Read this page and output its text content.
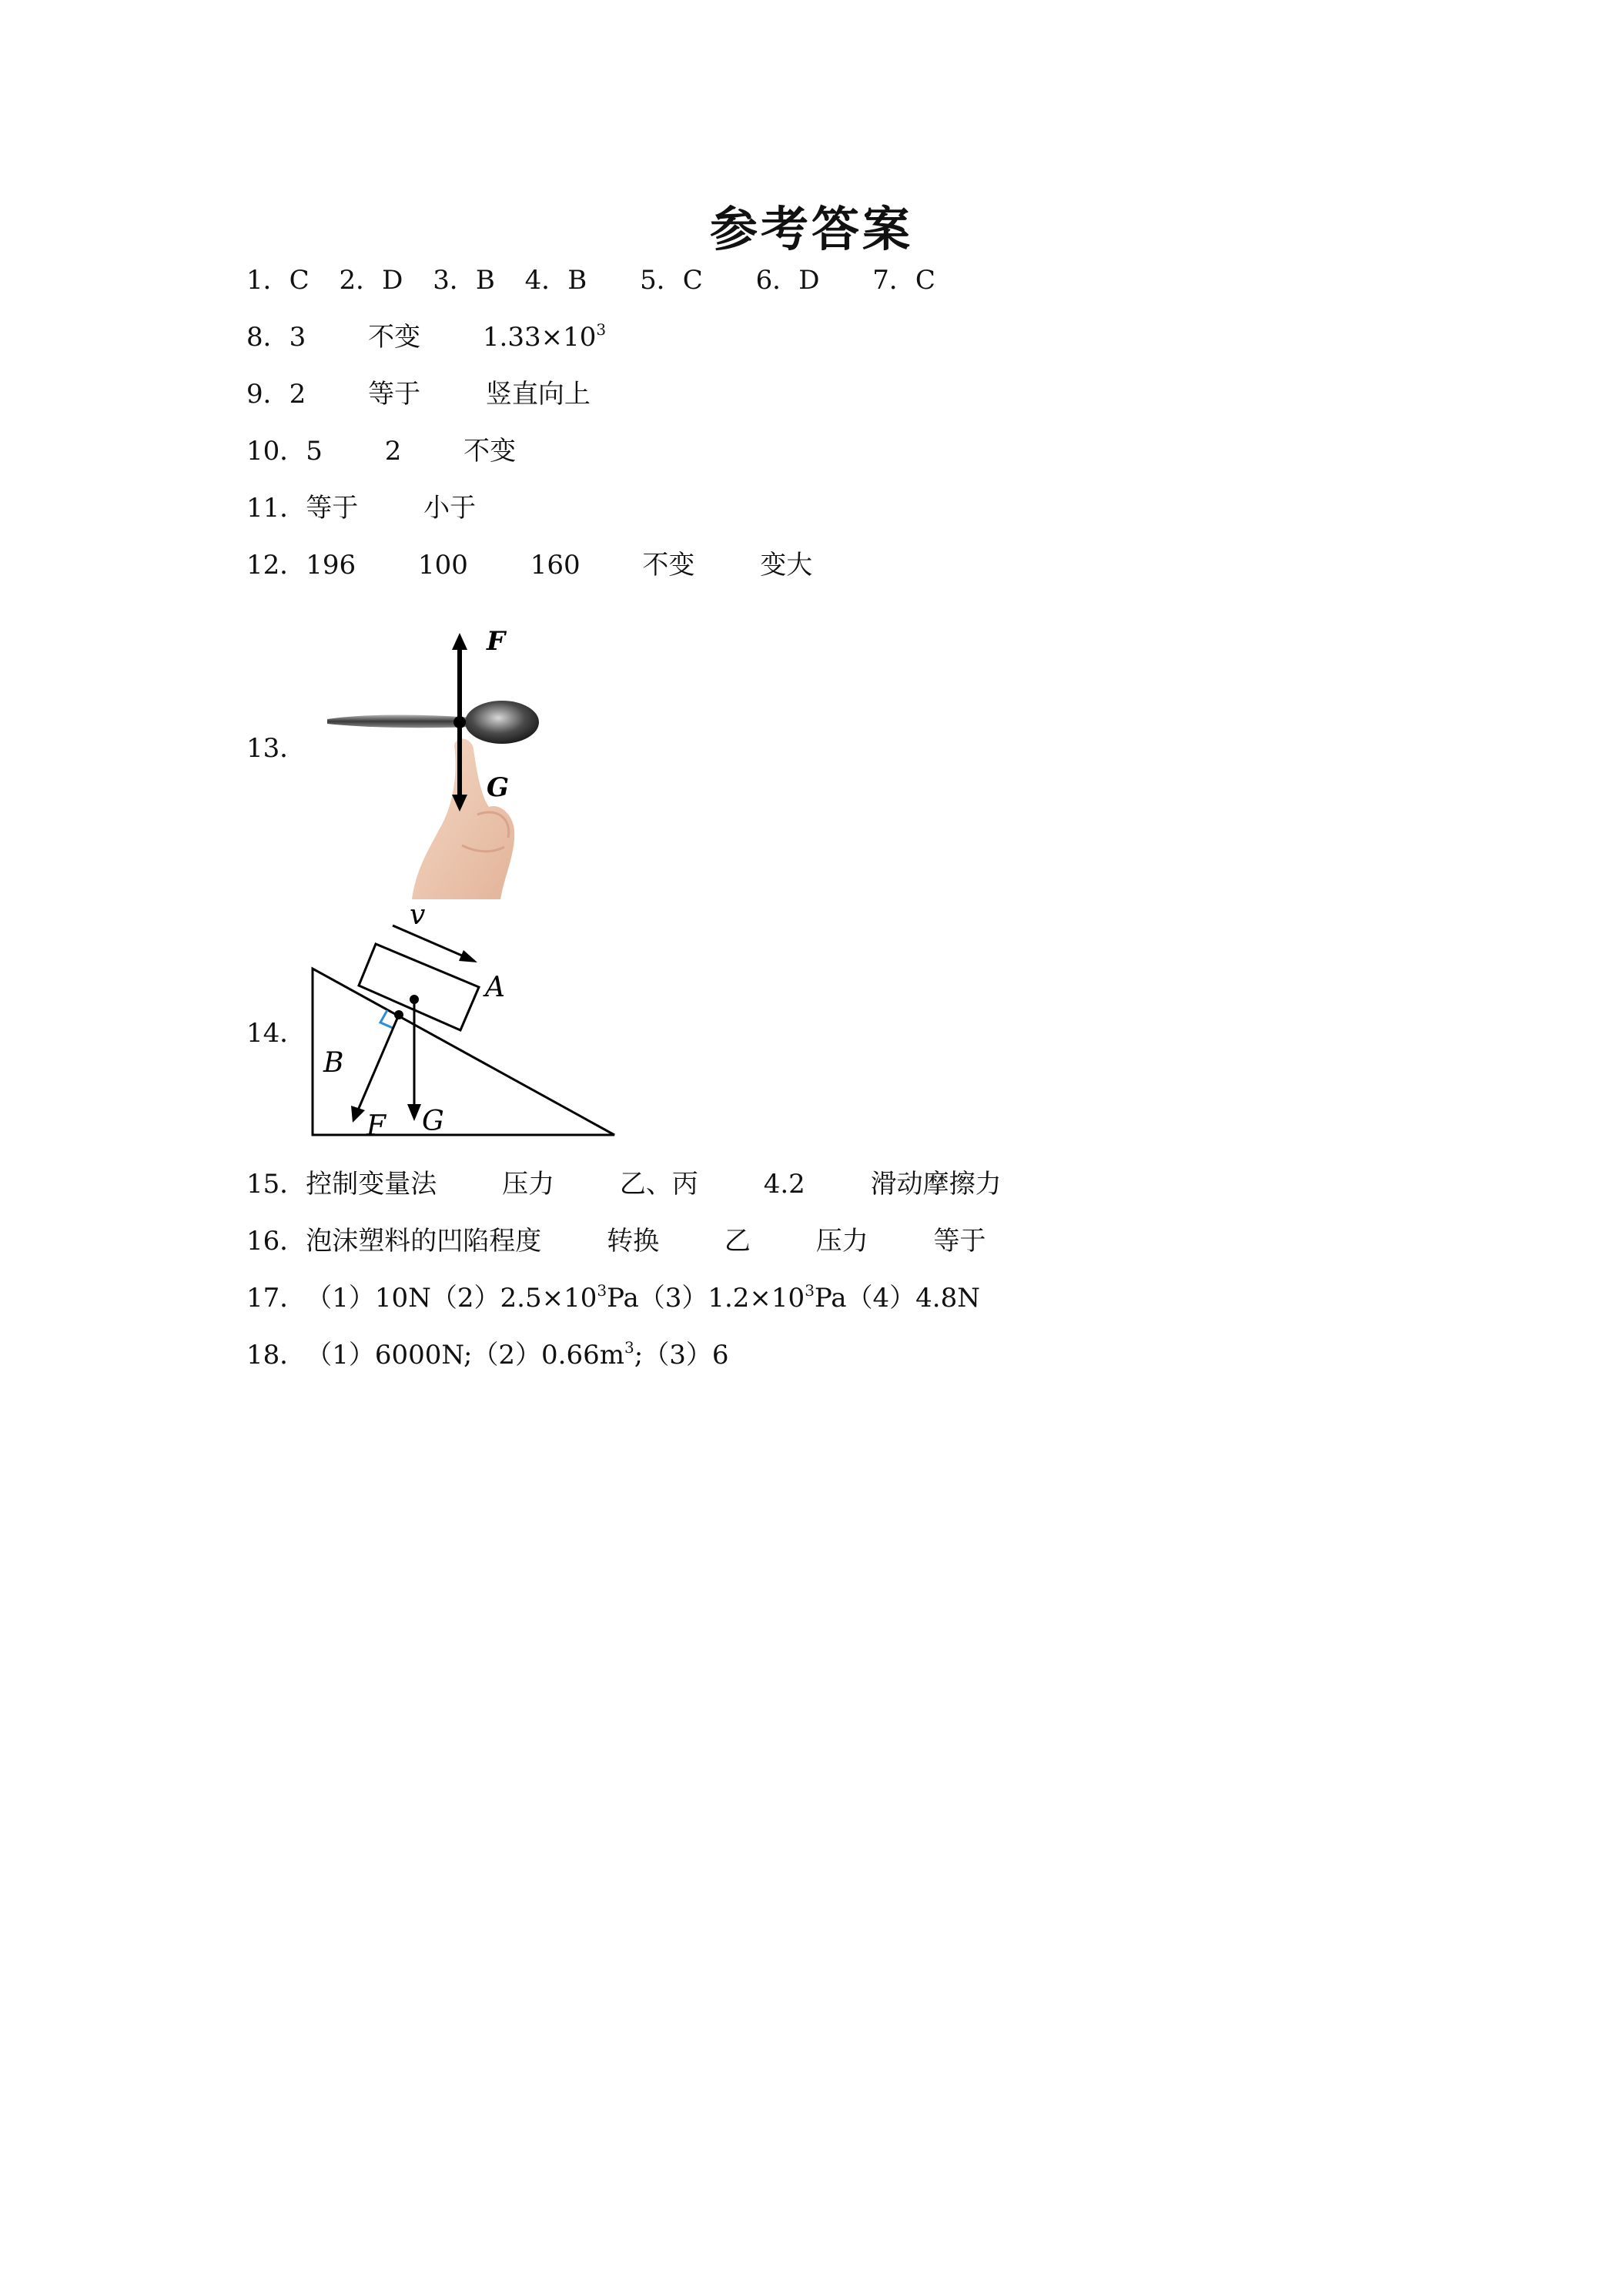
参考答案
1．C 2．D 3．B 4．B 5．C 6．D 7．C
8．3 不变 $1.33\times 10^3$
9．2 等于 竖直向上
10．5 2 不变
11．等于 小于
12．196 100 160 不变 变大
13．
F
G
14．
v
A
B
F G
15．控制变量法 压力 乙、丙 4.2 滑动摩擦力
16．泡沫塑料的凹陷程度 转换 乙 压力 等于
17．$(1)10N(2)2.5\times 10^3Pa(3)1.2\times 10^3Pa(4)4.8N$
18．$(1)6000N;(2)0.66m^3;(3)6$
